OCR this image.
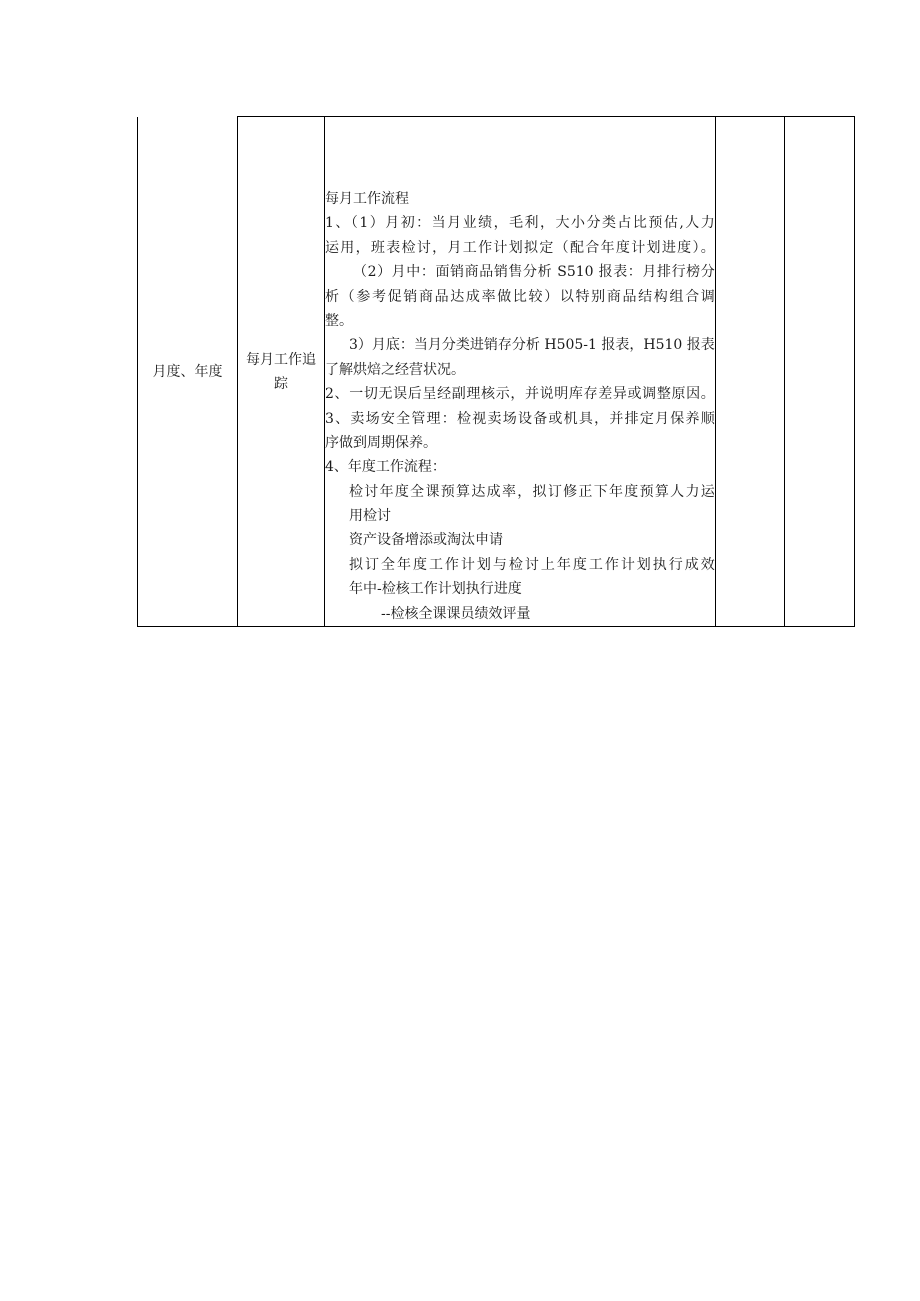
月度、年度	每月工作追踪	
每月工作流程
1、（1）月初：当月业绩，毛利，大小分类占比预估,人力
运用，班表检讨，月工作计划拟定（配合年度计划进度）。
（2）月中：面销商品销售分析 S510 报表：月排行榜分
析（参考促销商品达成率做比较）以特别商品结构组合调
整。
3）月底：当月分类进销存分析 H505-1 报表，H510 报表
了解烘焙之经营状况。
2、一切无误后呈经副理核示，并说明库存差异或调整原因。
3、卖场安全管理：检视卖场设备或机具，并排定月保养顺
序做到周期保养。
4、年度工作流程：
检讨年度全课预算达成率，拟订修正下年度预算人力运
用检讨
资产设备增添或淘汰申请
拟订全年度工作计划与检讨上年度工作计划执行成效
年中-检核工作计划执行进度
--检核全课课员绩效评量
